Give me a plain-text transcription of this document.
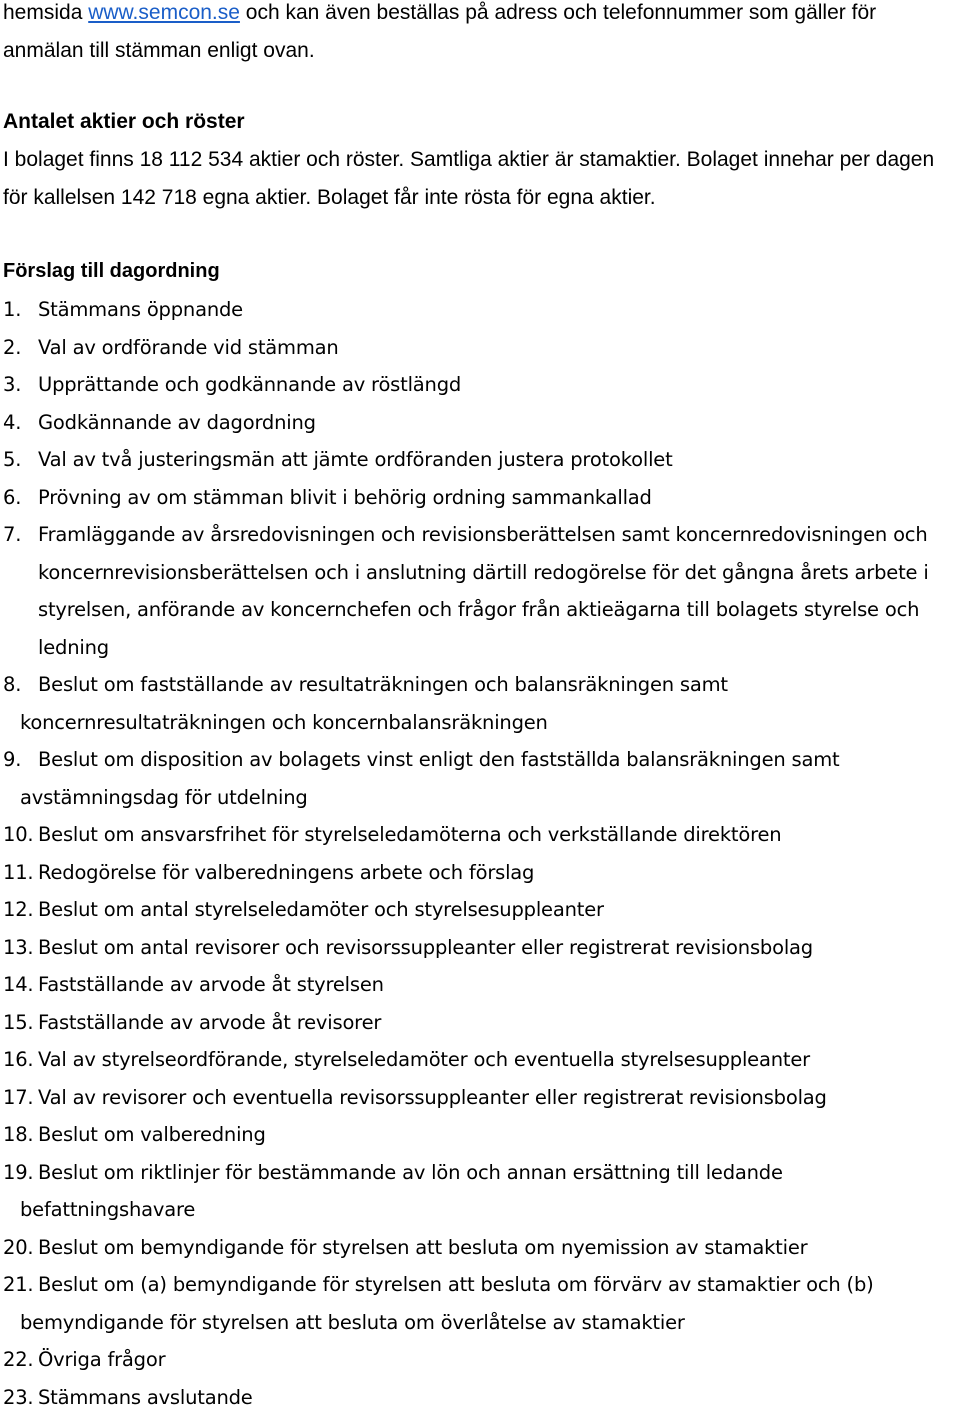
hemsida www.semcon.se och kan även beställas på adress och telefonnummer som gäller för anmälan till stämman enligt ovan.

Antalet aktier och röster

I bolaget finns 18 112 534 aktier och röster. Samtliga aktier är stamaktier. Bolaget innehar per dagen för kallelsen 142 718 egna aktier. Bolaget får inte rösta för egna aktier.

Förslag till dagordning

1. Stämmans öppnande
2. Val av ordförande vid stämman
3. Upprättande och godkännande av röstlängd
4. Godkännande av dagordning
5. Val av två justeringsmän att jämte ordföranden justera protokollet
6. Prövning av om stämman blivit i behörig ordning sammankallad
7. Framläggande av årsredovisningen och revisionsberättelsen samt koncernredovisningen och koncernrevisionsberättelsen och i anslutning därtill redogörelse för det gångna årets arbete i styrelsen, anförande av koncernchefen och frågor från aktieägarna till bolagets styrelse och ledning
8. Beslut om fastställande av resultaträkningen och balansräkningen samt koncernresultaträkningen och koncernbalansräkningen
9. Beslut om disposition av bolagets vinst enligt den fastställda balansräkningen samt avstämningsdag för utdelning
10. Beslut om ansvarsfrihet för styrelseledamöterna och verkställande direktören
11. Redogörelse för valberedningens arbete och förslag
12. Beslut om antal styrelseledamöter och styrelsesuppleanter
13. Beslut om antal revisorer och revisorssuppleanter eller registrerat revisionsbolag
14. Fastställande av arvode åt styrelsen
15. Fastställande av arvode åt revisorer
16. Val av styrelseordförande, styrelseledamöter och eventuella styrelsesuppleanter
17. Val av revisorer och eventuella revisorssuppleanter eller registrerat revisionsbolag
18. Beslut om valberedning
19. Beslut om riktlinjer för bestämmande av lön och annan ersättning till ledande befattningshavare
20. Beslut om bemyndigande för styrelsen att besluta om nyemission av stamaktier
21. Beslut om (a) bemyndigande för styrelsen att besluta om förvärv av stamaktier och (b) bemyndigande för styrelsen att besluta om överlåtelse av stamaktier
22. Övriga frågor
23. Stämmans avslutande
